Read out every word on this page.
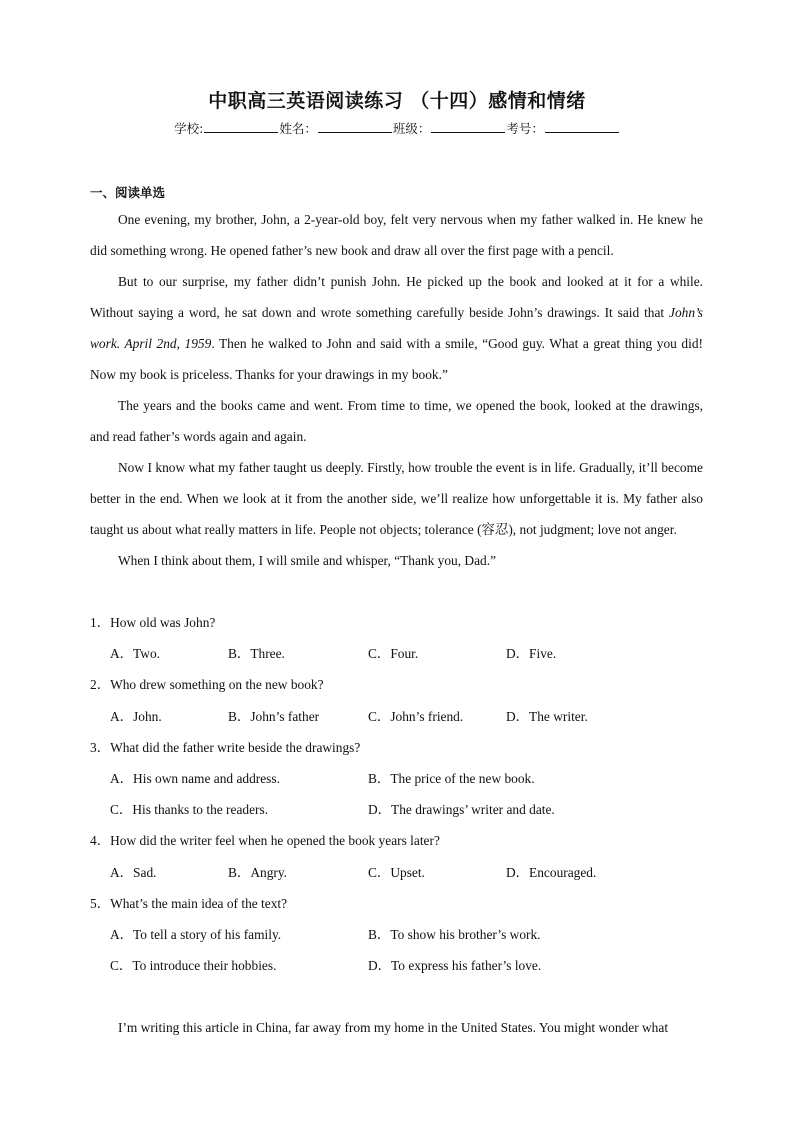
中职高三英语阅读练习 （十四）感情和情绪
学校:	姓名：	班级：	考号：
一、阅读单选

One evening, my brother, John, a 2-year-old boy, felt very nervous when my father walked in. He knew he did something wrong. He opened father’s new book and draw all over the first page with a pencil.

But to our surprise, my father didn’t punish John. He picked up the book and looked at it for a while. Without saying a word, he sat down and wrote something carefully beside John’s drawings. It said that John’s work. April 2nd, 1959. Then he walked to John and said with a smile, “Good guy. What a great thing you did! Now my book is priceless. Thanks for your drawings in my book.”

The years and the books came and went. From time to time, we opened the book, looked at the drawings, and read father’s words again and again.

Now I know what my father taught us deeply. Firstly, how trouble the event is in life. Gradually, it’ll become better in the end. When we look at it from the another side, we’ll realize how unforgettable it is. My father also taught us about what really matters in life. People not objects; tolerance (容忍), not judgment; love not anger.

When I think about them, I will smile and whisper, “Thank you, Dad.”

1．How old was John?
A．Two.	B．Three.	C．Four.	D．Five.
2．Who drew something on the new book?
A．John.	B．John’s father	C．John’s friend.	D．The writer.
3．What did the father write beside the drawings?
A．His own name and address.	B．The price of the new book.
C．His thanks to the readers.	D．The drawings’ writer and date.
4．How did the writer feel when he opened the book years later?
A．Sad.	B．Angry.	C．Upset.	D．Encouraged.
5．What’s the main idea of the text?
A．To tell a story of his family.	B．To show his brother’s work.
C．To introduce their hobbies.	D．To express his father’s love.

I’m writing this article in China, far away from my home in the United States. You might wonder what
